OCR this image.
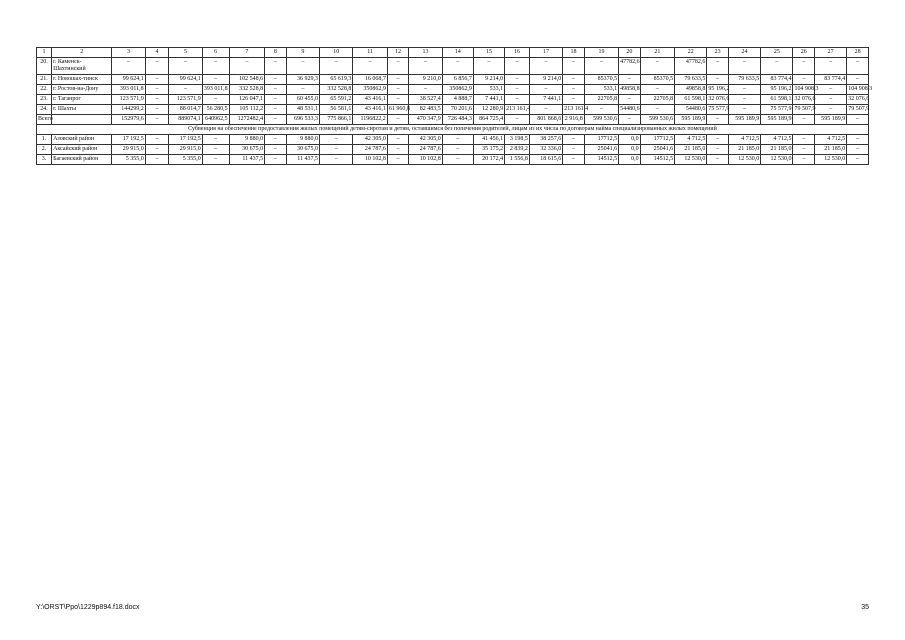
1	2	3	4	5	6	7	8	9	10	11	12	13	14	15	16	17	18	19	20	21	22	23	24	25	26	27	28
20.	г. Каменск-Шахтинский	–	–	–	–	–	–	–	–	–	–	–	–	–	–	–	–	–	47782,6	–	47782,6	–	–	–	–	–	–
21.	г. Новошах-тинск	99 624,1	–	99 624,1	–	102 548,6	–	36 929,3	65 619,3	16 068,7	–	9 210,0	6 856,7	9 214,0	–	9 214,0	–	85370,5	–	85370,5	79 633,5	–	79 633,5	83 774,4	–	83 774,4	–
22.	г. Ростов-на-Дону	393 011,8	–	–	393 011,8	332 528,8	–	–	332 528,8	350862,9	–	–	350862,9	533,1	–	–	–	533,1	49858,8	–	49858,8	95 196,2	–	95 196,2	104 908,3	–	104 908,3
23.	г. Таганрог	123 571,9	–	123 571,9	–	126 047,1	–	60 455,0	65 591,2	43 416,1	–	38 527,4	4 888,7	7 441,1	–	7 441,1	–	22705,8	–	22705,8	61 598,1	32 076,6	–	61 598,1	32 076,6	–	32 076,6
24.	г. Шахты	144299,2	–	88 014,7	56 280,5	105 112,2	–	48 531,1	56 581,1	43 416,1	61 960,8	82 483,5	70 201,6	12 280,9	213 161,4	–	213 161,4	–	54480,6	–	54480,6	75 577,9	–	75 577,9	79 507,9	–	79 507,9
Всего		152979,6	–	889074,1	640962,5	1272482,4	–	696 533,3	775 866,1	1196822,2	–	470 347,9	726 484,3	864 725,4	–	801 868,6	2 916,8	599 530,6	–	599 530,6	595 189,9	–	595 189,9	595 189,9	–	595 189,9	–
Субвенция на обеспечение предоставления жилых помещений детям-сиротам и детям, оставшимся без попечения родителей, лицам из их числа по договорам найма специализированных жилых помещений																											
1.	Азовский район	17 192,5	–	17 192,5	–	9 880,0	–	9 880,0	–	42 305,0	–	42 305,0	–	41 456,1	3 198,5	38 257,6	–	17712,5	0,0	17712,5	4 712,5	–	4 712,5	4 712,5	–	4 712,5	–
2.	Аксайский район	29 915,0	–	29 915,0	–	30 675,0	–	30 675,0	–	24 787,6	–	24 787,6	–	35 175,2	2 839,2	32 336,0	–	25041,6	0,0	25041,6	21 185,0	–	21 185,0	21 185,0	–	21 185,0	–
3.	Багаевский район	5 355,0	–	5 355,0	–	11 437,5	–	11 437,5	–	10 102,8	–	10 102,8	–	20 172,4	1 556,8	18 615,6	–	14512,5	0,0	14512,5	12 530,0	–	12 530,0	12 530,0	–	12 530,0	–
Y:\ORST\Ppo\1229p894.f18.docx	35
